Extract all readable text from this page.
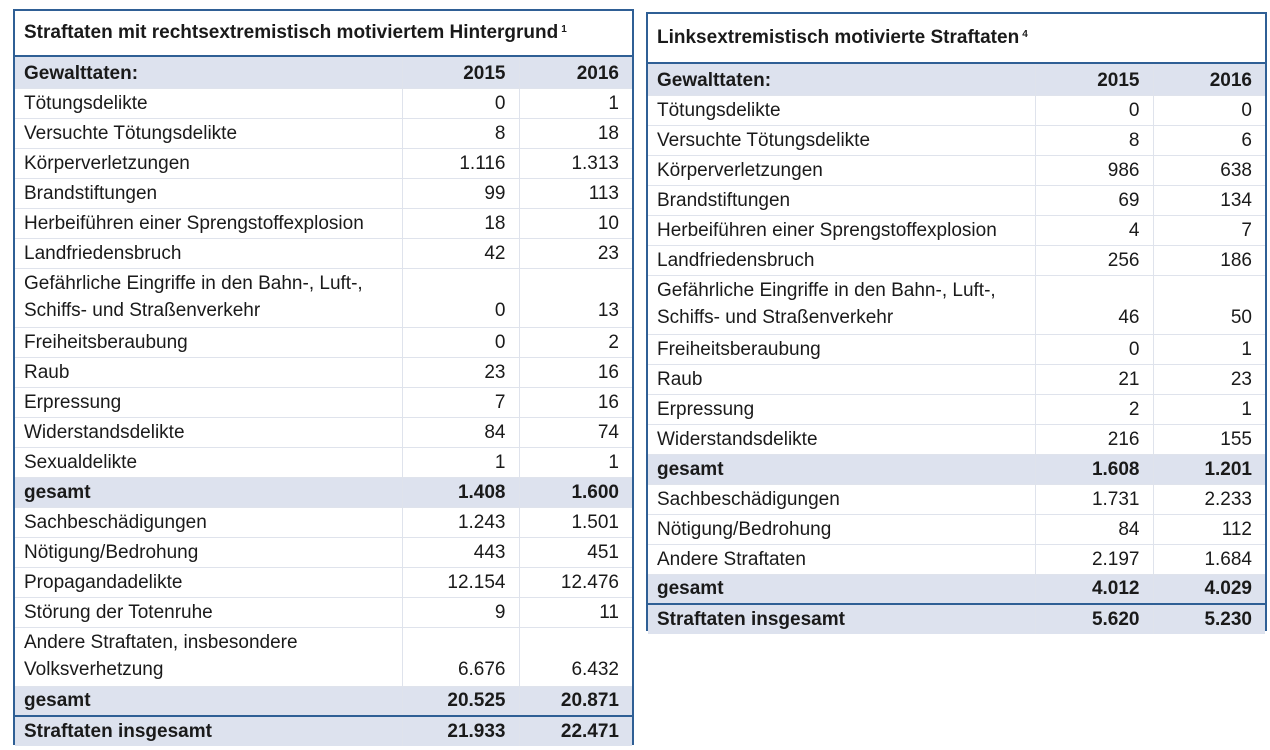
Straftaten mit rechtsextremistisch motiviertem Hintergrund $^1$
Gewalttaten:	2015	2016
Tötungsdelikte	0	1
Versuchte Tötungsdelikte	8	18
Körperverletzungen	1.116	1.313
Brandstiftungen	99	113
Herbeiführen einer Sprengstoffexplosion	18	10
Landfriedensbruch	42	23
Gefährliche Eingriffe in den Bahn-, Luft-, Schiffs- und Straßenverkehr	0	13
Freiheitsberaubung	0	2
Raub	23	16
Erpressung	7	16
Widerstandsdelikte	84	74
Sexualdelikte	1	1
gesamt	1.408	1.600
Sachbeschädigungen	1.243	1.501
Nötigung/Bedrohung	443	451
Propagandadelikte	12.154	12.476
Störung der Totenruhe	9	11
Andere Straftaten, insbesondere Volksverhetzung	6.676	6.432
gesamt	20.525	20.871
Straftaten insgesamt	21.933	22.471
Linksextremistisch motivierte Straftaten $^4$
Gewalttaten:	2015	2016
Tötungsdelikte	0	0
Versuchte Tötungsdelikte	8	6
Körperverletzungen	986	638
Brandstiftungen	69	134
Herbeiführen einer Sprengstoffexplosion	4	7
Landfriedensbruch	256	186
Gefährliche Eingriffe in den Bahn-, Luft-, Schiffs- und Straßenverkehr	46	50
Freiheitsberaubung	0	1
Raub	21	23
Erpressung	2	1
Widerstandsdelikte	216	155
gesamt	1.608	1.201
Sachbeschädigungen	1.731	2.233
Nötigung/Bedrohung	84	112
Andere Straftaten	2.197	1.684
gesamt	4.012	4.029
Straftaten insgesamt	5.620	5.230
